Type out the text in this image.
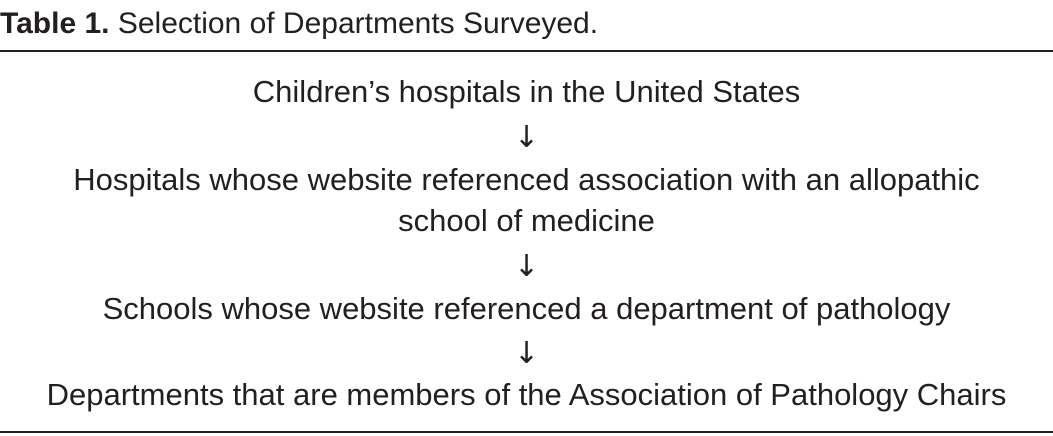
Table 1. Selection of Departments Surveyed.
Children’s hospitals in the United States
↓
Hospitals whose website referenced association with an allopathic
school of medicine
↓
Schools whose website referenced a department of pathology
↓
Departments that are members of the Association of Pathology Chairs
